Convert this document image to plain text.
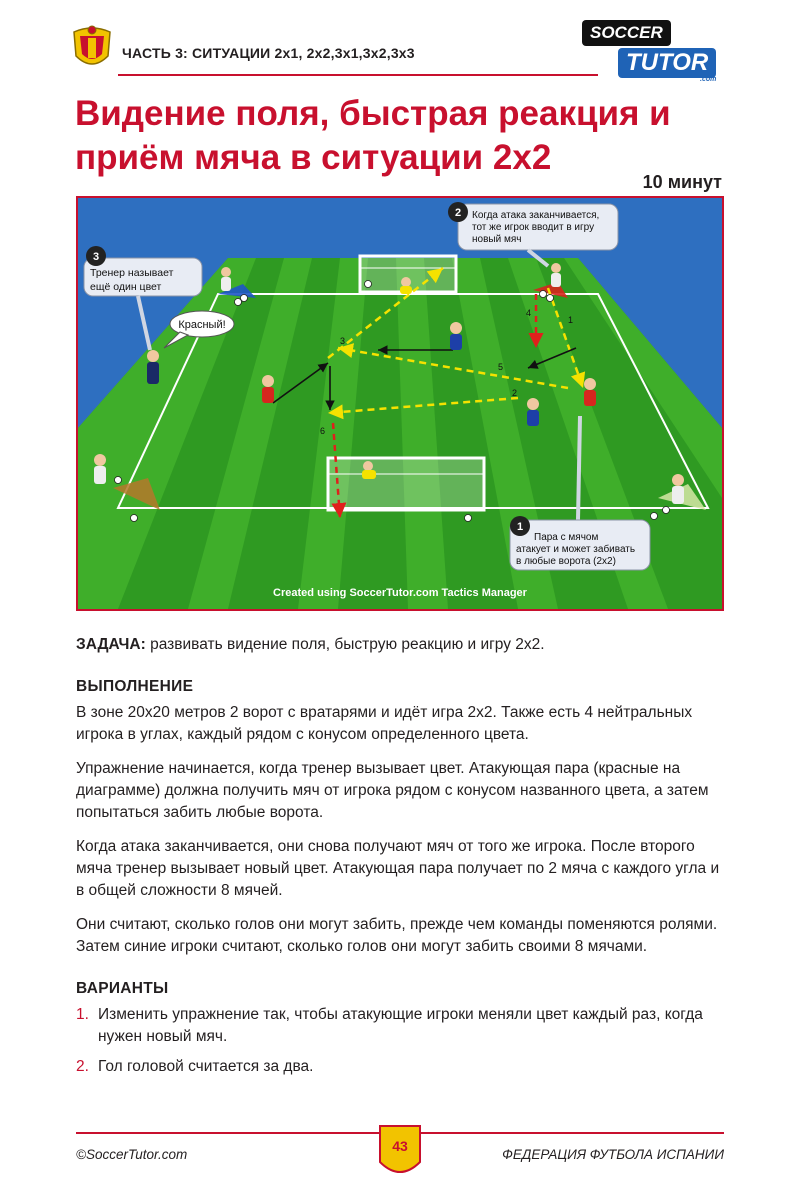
ЧАСТЬ 3: СИТУАЦИИ 2х1, 2х2,3х1,3х2,3х3
SOCCER
TUTOR
.com
Видение поля, быстрая реакция и
приём мяча в ситуации 2х2
10 минут
1
2
3
4
5
6
3
Тренер называет
ещё один цвет
Красный!
2 Когда атака заканчивается,
тот же игрок вводит в игру
новый мяч
1
Пара с мячом
атакует и может забивать
в любые ворота (2х2)
Created using SoccerTutor.com Tactics Manager

ЗАДАЧА: развивать видение поля, быструю реакцию и игру 2х2.

ВЫПОЛНЕНИЕ

В зоне 20х20 метров 2 ворот с вратарями и идёт игра 2х2. Также есть 4 нейтральных игрока в углах, каждый рядом с конусом определенного цвета.

Упражнение начинается, когда тренер вызывает цвет. Атакующая пара (красные на диаграмме) должна получить мяч от игрока рядом с конусом названного цвета, а затем попытаться забить любые ворота.

Когда атака заканчивается, они снова получают мяч от того же игрока. После второго мяча тренер вызывает новый цвет. Атакующая пара получает по 2 мяча с каждого угла и в общей сложности 8 мячей.

Они считают, сколько голов они могут забить, прежде чем команды поменяются ролями. Затем синие игроки считают, сколько голов они могут забить своими 8 мячами.

ВАРИАНТЫ
1. Изменить упражнение так, чтобы атакующие игроки меняли цвет каждый раз, когда нужен новый мяч.
2. Гол головой считается за два.
©SoccerTutor.com
43
ФЕДЕРАЦИЯ ФУТБОЛА ИСПАНИИ
